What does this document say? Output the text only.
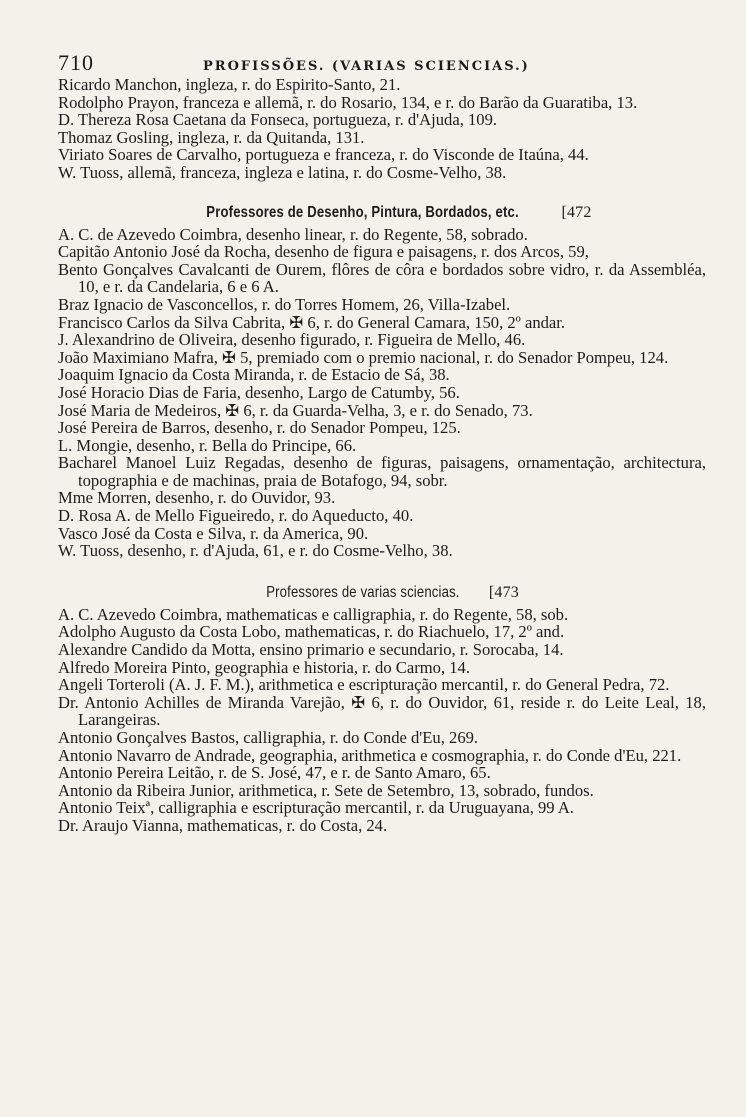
710	PROFISSÕES. (VARIAS SCIENCIAS.)

Ricardo Manchon, ingleza, r. do Espirito-Santo, 21.

Rodolpho Prayon, franceza e allemã, r. do Rosario, 134, e r. do Barão da Guaratiba, 13.

D. Thereza Rosa Caetana da Fonseca, portugueza, r. d'Ajuda, 109.

Thomaz Gosling, ingleza, r. da Quitanda, 131.

Viriato Soares de Carvalho, portugueza e franceza, r. do Visconde de Itaúna, 44.

W. Tuoss, allemã, franceza, ingleza e latina, r. do Cosme-Velho, 38.

Professores de Desenho, Pintura, Bordados, etc.	[472

A. C. de Azevedo Coimbra, desenho linear, r. do Regente, 58, sobrado.

Capitão Antonio José da Rocha, desenho de figura e paisagens, r. dos Arcos, 59,

Bento Gonçalves Cavalcanti de Ourem, flôres de côra e bordados sobre vidro, r. da Assembléa, 10, e r. da Candelaria, 6 e 6 A.

Braz Ignacio de Vasconcellos, r. do Torres Homem, 26, Villa-Izabel.

Francisco Carlos da Silva Cabrita, ✠ 6, r. do General Camara, 150, 2º andar.

J. Alexandrino de Oliveira, desenho figurado, r. Figueira de Mello, 46.

João Maximiano Mafra, ✠ 5, premiado com o premio nacional, r. do Senador Pompeu, 124.

Joaquim Ignacio da Costa Miranda, r. de Estacio de Sá, 38.

José Horacio Dias de Faria, desenho, Largo de Catumby, 56.

José Maria de Medeiros, ✠ 6, r. da Guarda-Velha, 3, e r. do Senado, 73.

José Pereira de Barros, desenho, r. do Senador Pompeu, 125.

L. Mongie, desenho, r. Bella do Principe, 66.

Bacharel Manoel Luiz Regadas, desenho de figuras, paisagens, ornamentação, architectura, topographia e de machinas, praia de Botafogo, 94, sobr.

Mme Morren, desenho, r. do Ouvidor, 93.

D. Rosa A. de Mello Figueiredo, r. do Aqueducto, 40.

Vasco José da Costa e Silva, r. da America, 90.

W. Tuoss, desenho, r. d'Ajuda, 61, e r. do Cosme-Velho, 38.

Professores de varias sciencias. [473

A. C. Azevedo Coimbra, mathematicas e calligraphia, r. do Regente, 58, sob.

Adolpho Augusto da Costa Lobo, mathematicas, r. do Riachuelo, 17, 2º and.

Alexandre Candido da Motta, ensino primario e secundario, r. Sorocaba, 14.

Alfredo Moreira Pinto, geographia e historia, r. do Carmo, 14.

Angeli Torteroli (A. J. F. M.), arithmetica e escripturação mercantil, r. do General Pedra, 72.

Dr. Antonio Achilles de Miranda Varejão, ✠ 6, r. do Ouvidor, 61, reside r. do Leite Leal, 18, Larangeiras.

Antonio Gonçalves Bastos, calligraphia, r. do Conde d'Eu, 269.

Antonio Navarro de Andrade, geographia, arithmetica e cosmographia, r. do Conde d'Eu, 221.

Antonio Pereira Leitão, r. de S. José, 47, e r. de Santo Amaro, 65.

Antonio da Ribeira Junior, arithmetica, r. Sete de Setembro, 13, sobrado, fundos.

Antonio Teixª, calligraphia e escripturação mercantil, r. da Uruguayana, 99 A.

Dr. Araujo Vianna, mathematicas, r. do Costa, 24.
